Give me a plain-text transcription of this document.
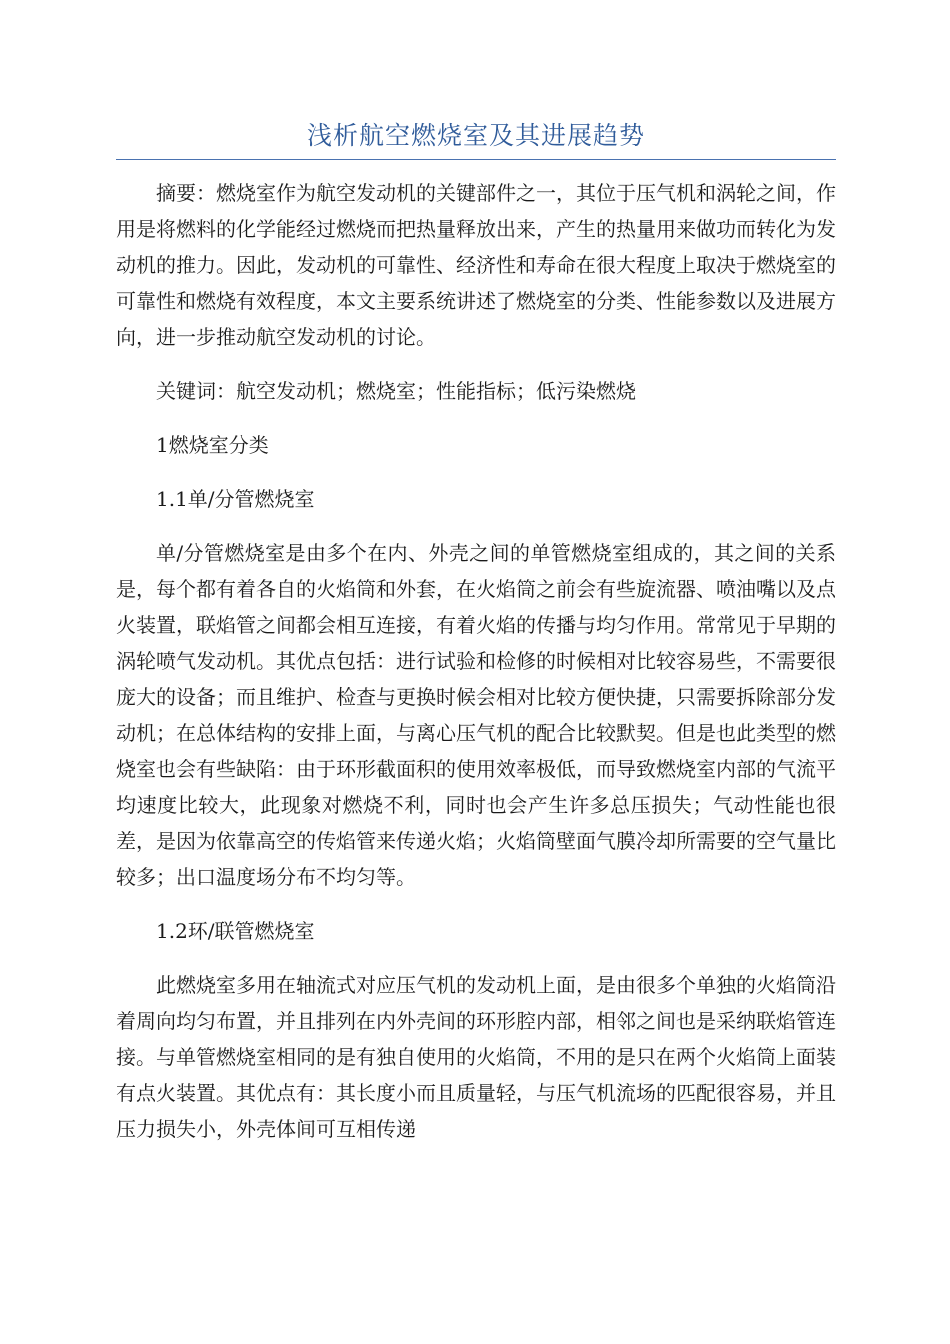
浅析航空燃烧室及其进展趋势

摘要：燃烧室作为航空发动机的关键部件之一，其位于压气机和涡轮之间，作用是将燃料的化学能经过燃烧而把热量释放出来，产生的热量用来做功而转化为发动机的推力。因此，发动机的可靠性、经济性和寿命在很大程度上取决于燃烧室的可靠性和燃烧有效程度，本文主要系统讲述了燃烧室的分类、性能参数以及进展方向，进一步推动航空发动机的讨论。

关键词：航空发动机；燃烧室；性能指标；低污染燃烧

1燃烧室分类

1.1单/分管燃烧室

单/分管燃烧室是由多个在内、外壳之间的单管燃烧室组成的，其之间的关系是，每个都有着各自的火焰筒和外套，在火焰筒之前会有些旋流器、喷油嘴以及点火装置，联焰管之间都会相互连接，有着火焰的传播与均匀作用。常常见于早期的涡轮喷气发动机。其优点包括：进行试验和检修的时候相对比较容易些，不需要很庞大的设备；而且维护、检查与更换时候会相对比较方便快捷，只需要拆除部分发动机；在总体结构的安排上面，与离心压气机的配合比较默契。但是也此类型的燃烧室也会有些缺陷：由于环形截面积的使用效率极低，而导致燃烧室内部的气流平均速度比较大，此现象对燃烧不利，同时也会产生许多总压损失；气动性能也很差，是因为依靠高空的传焰管来传递火焰；火焰筒壁面气膜冷却所需要的空气量比较多；出口温度场分布不均匀等。

1.2环/联管燃烧室

此燃烧室多用在轴流式对应压气机的发动机上面，是由很多个单独的火焰筒沿着周向均匀布置，并且排列在内外壳间的环形腔内部，相邻之间也是采纳联焰管连接。与单管燃烧室相同的是有独自使用的火焰筒，不用的是只在两个火焰筒上面装有点火装置。其优点有：其长度小而且质量轻，与压气机流场的匹配很容易，并且压力损失小，外壳体间可互相传递
